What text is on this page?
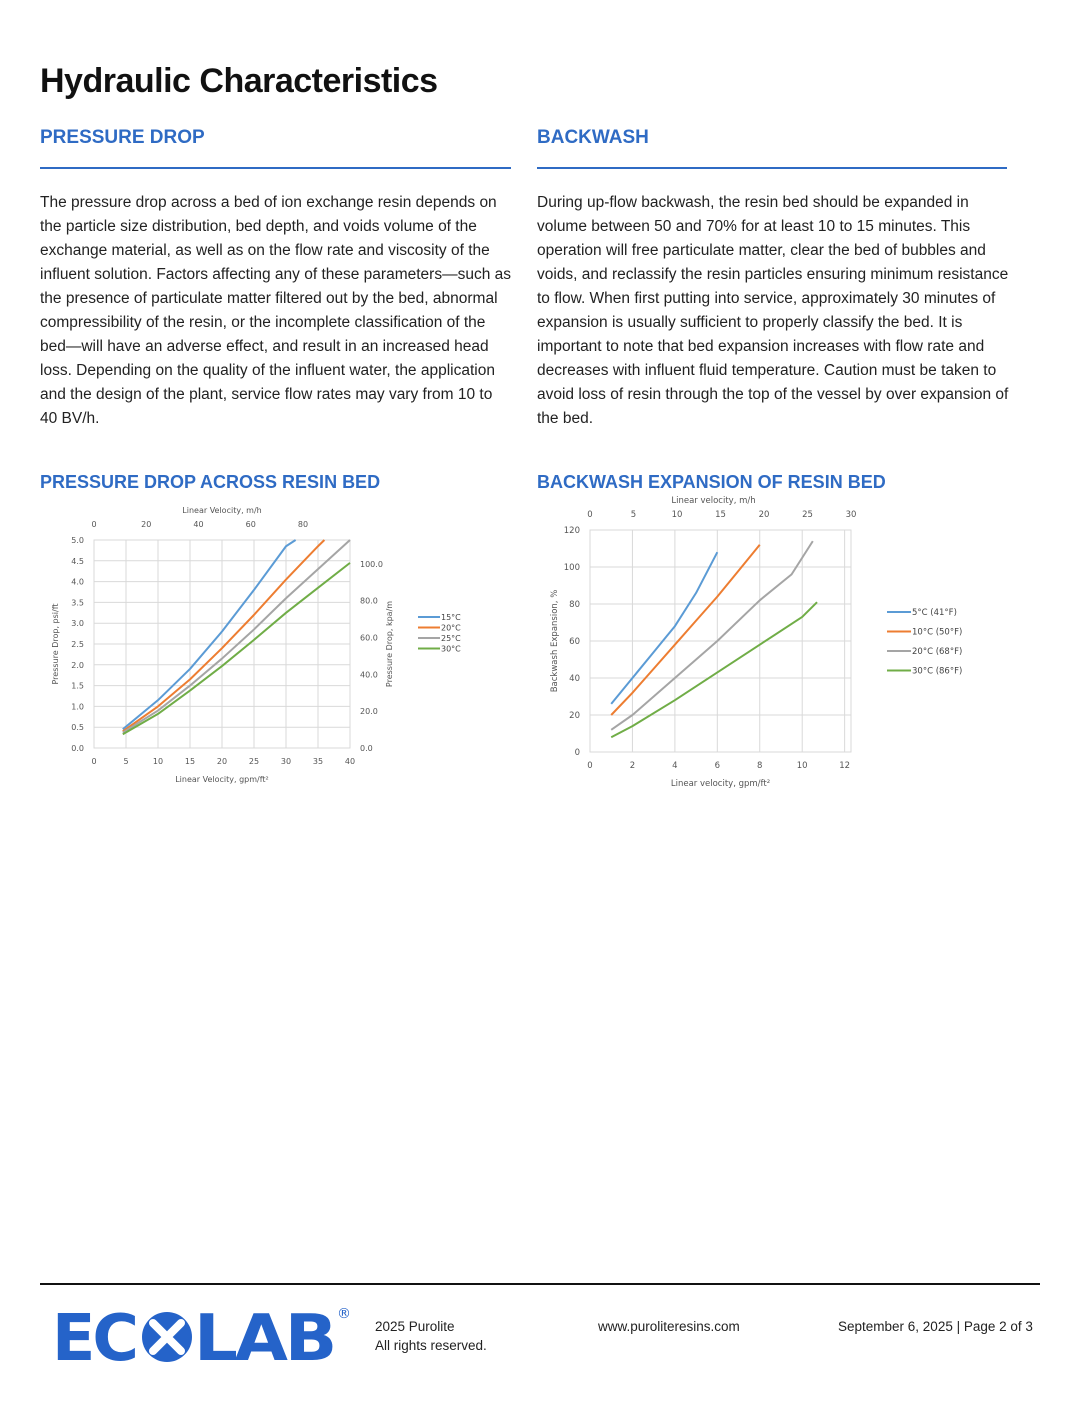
Hydraulic Characteristics
PRESSURE DROP

The pressure drop across a bed of ion exchange resin depends on the particle size distribution, bed depth, and voids volume of the exchange material, as well as on the flow rate and viscosity of the influent solution. Factors affecting any of these parameters—such as the presence of particulate matter filtered out by the bed, abnormal compressibility of the resin, or the incomplete classification of the bed—will have an adverse effect, and result in an increased head loss. Depending on the quality of the influent water, the application and the design of the plant, service flow rates may vary from 10 to 40 BV/h.

BACKWASH

During up-flow backwash, the resin bed should be expanded in volume between 50 and 70% for at least 10 to 15 minutes. This operation will free particulate matter, clear the bed of bubbles and voids, and reclassify the resin particles ensuring minimum resistance to flow. When first putting into service, approximately 30 minutes of expansion is usually sufficient to properly classify the bed. It is important to note that bed expansion increases with flow rate and decreases with influent fluid temperature. Caution must be taken to avoid loss of resin through the top of the vessel by over expansion of the bed.

PRESSURE DROP ACROSS RESIN BED	BACKWASH EXPANSION OF RESIN BED
0	5	10	15	20	25	30	35	40
0.0
0.5
1.0
1.5
2.0
2.5
3.0
3.5
4.0
4.5
5.0
0	20	40	60	80
Linear Velocity, m/h
Linear Velocity, gpm/ft²
Pressure Drop, psi/ft
0.0
20.0
40.0
60.0
80.0
100.0
Pressure Drop, kpa/m	15°C
20°C
25°C
30°C
0	2	4	6	8	10	12
0
20
40
60
80
100
120
0	5	10	15	20	25	30
Linear velocity, m/h
Linear velocity, gpm/ft²
Backwash Expansion, %	5°C (41°F)
10°C (50°F)
20°C (68°F)
30°C (86°F)
EC LAB ®
2025 Purolite
All rights reserved.
www.puroliteresins.com	September 6, 2025 | Page 2 of 3
